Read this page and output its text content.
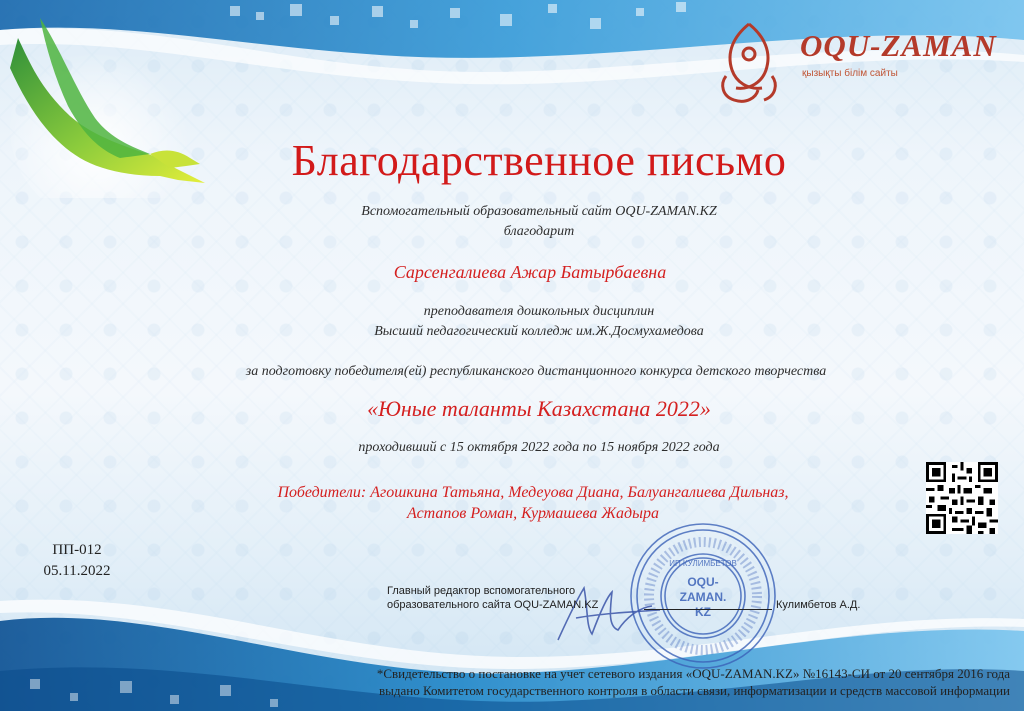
OQU-ZAMAN
қызықты білім сайты
Благодарственное письмо
Вспомогательный образовательный сайт OQU-ZAMAN.KZ
благодарит
Сарсенгалиева Ажар Батырбаевна
преподавателя дошкольных дисциплин
Высший педагогический колледж им.Ж.Досмухамедова
за подготовку победителя(ей) республиканского дистанционного конкурса детского творчества
«Юные таланты Казахстана 2022»
проходивший с 15 октября 2022 года по 15 ноября 2022 года
Победители: Агошкина Татьяна, Медеуова Диана, Балуангалиева Дильназ,
Астапов Роман, Курмашева Жадыра
ПП-012
05.11.2022	ИП КУЛИМБЕТОВ
OQU-
ZAMAN.
KZ
Главный редактор вспомогательного
образовательного сайта OQU-ZAMAN.KZ	Кулимбетов А.Д.
*Свидетельство о постановке на учет сетевого издания «OQU-ZAMAN.KZ» №16143-СИ от 20 сентября 2016 года
выдано Комитетом государственного контроля в области связи, информатизации и средств массовой информации
